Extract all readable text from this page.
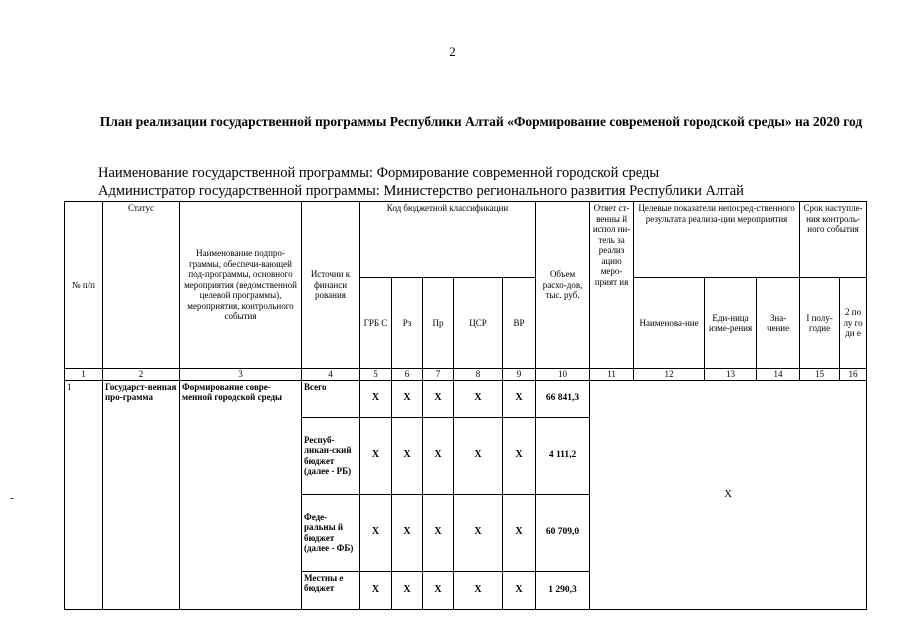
2
План реализации государственной программы Республики Алтай «Формирование современой городской среды» на 2020 год
Наименование государственной программы: Формирование современной городской среды
Администратор государственной программы: Министерство регионального развития Республики Алтай
-
№ п/п	Статус	Наименование подпро-граммы, обеспечи-вающей под-программы, основного мероприятия (ведомственной целевой программы), мероприятия, контрольного события	Источни к финанси рования	Код бюджетной классификации					Объем расхо-дов, тыс. руб.	Ответ ст-венны й испол ни-тель за реализ ацию меро-прият ия	Целевые показатели непосред-ственного результата реализа-ции мероприятия			Срок наступле-ния контроль-ного события	
				ГРБ С	Рз	Пр	ЦСР	ВР			Наименова-ние	Еди-ница изме-рения	Зна-чение	I полу-годие	2 по лу го ди е
1	2	3	4	5	6	7	8	9	10	11	12	13	14	15	16
1	Государст-венная про-грамма	Формирование совре-менной городской среды	Всего	Х	Х	Х	Х	Х	66 841,3	Х					
			Респуб-ликан-ский бюджет (далее - РБ)	Х	Х	Х	Х	Х	4 111,2						
			Феде-ральны й бюджет (далее - ФБ)	Х	Х	Х	Х	Х	60 709,0						
			Местны е бюджет	Х	Х	Х	Х	Х	1 290,3						
